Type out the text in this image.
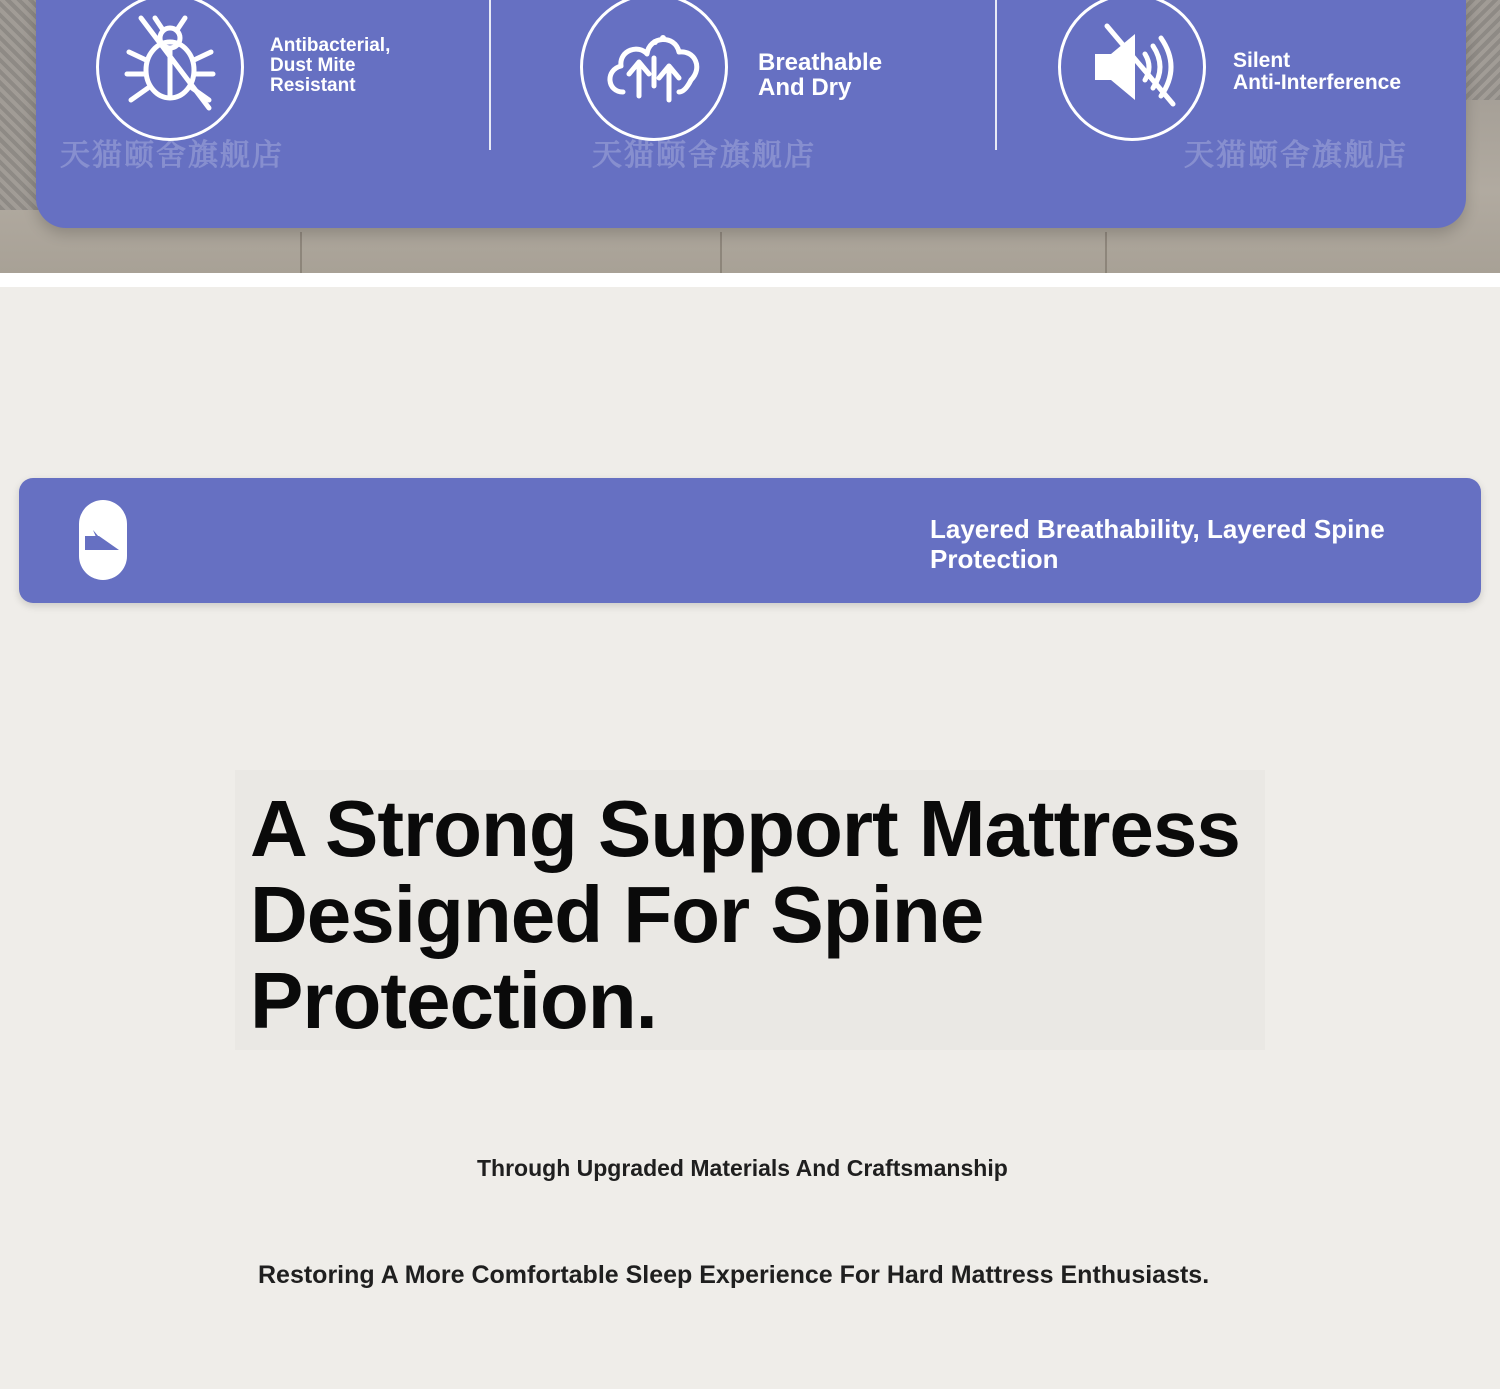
Antibacterial,
Dust Mite
Resistant
天猫颐舍旗舰店
Breathable
And Dry
天猫颐舍旗舰店
Silent
Anti-Interference
天猫颐舍旗舰店
Layered Breathability, Layered Spine Protection
A Strong Support Mattress Designed For Spine Protection.

Through Upgraded Materials And Craftsmanship

Restoring A More Comfortable Sleep Experience For Hard Mattress Enthusiasts.
